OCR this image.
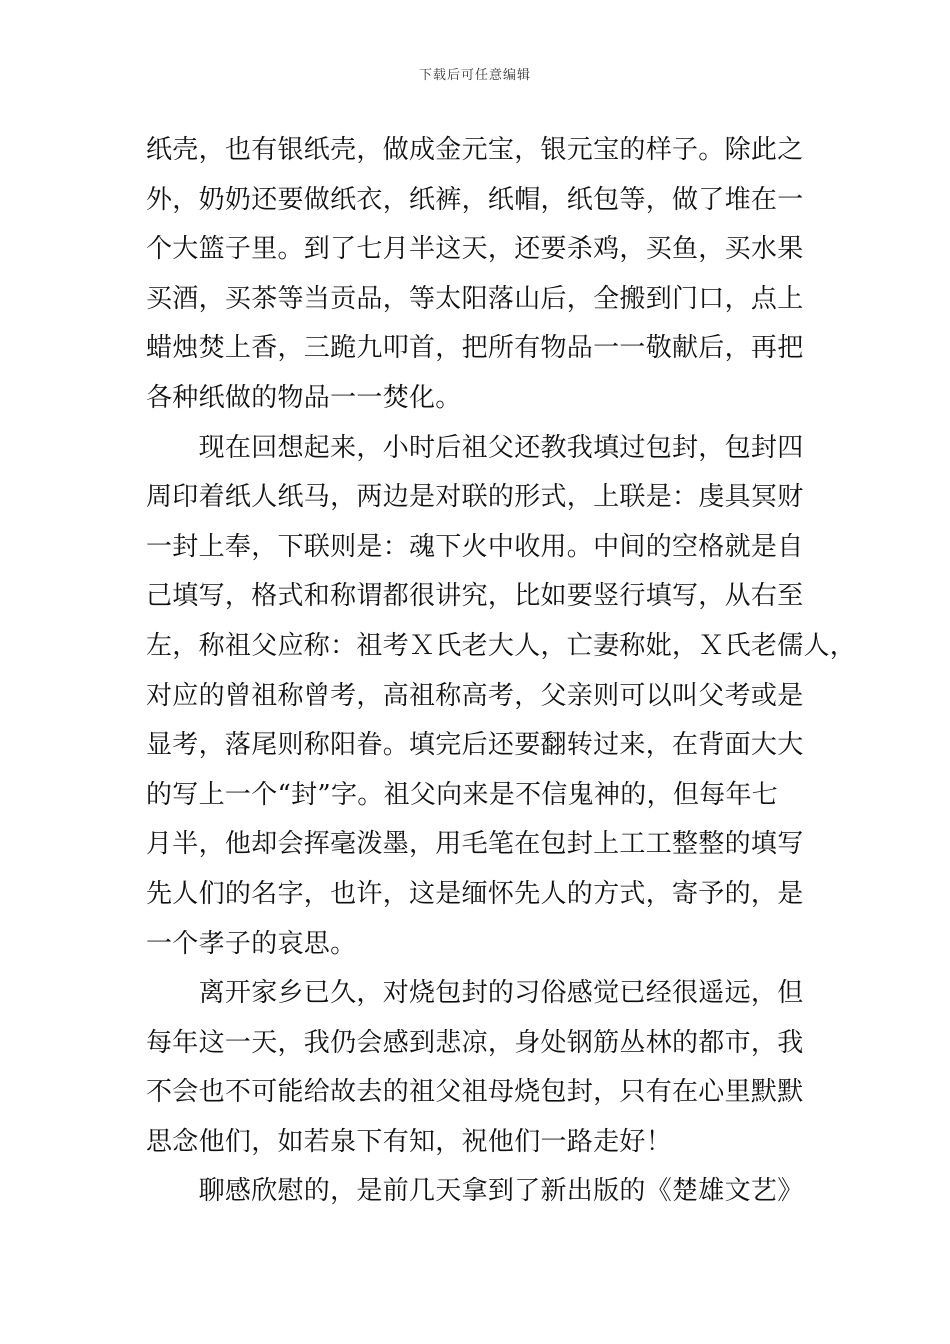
下载后可任意编辑
纸壳，也有银纸壳，做成金元宝，银元宝的样子。除此之
外，奶奶还要做纸衣，纸裤，纸帽，纸包等，做了堆在一
个大篮子里。到了七月半这天，还要杀鸡，买鱼，买水果
买酒，买茶等当贡品，等太阳落山后，全搬到门口，点上
蜡烛焚上香，三跪九叩首，把所有物品一一敬献后，再把
各种纸做的物品一一焚化。
　　现在回想起来，小时后祖父还教我填过包封，包封四
周印着纸人纸马，两边是对联的形式，上联是：虔具冥财
一封上奉，下联则是：魂下火中收用。中间的空格就是自
己填写，格式和称谓都很讲究，比如要竖行填写，从右至
左，称祖父应称：祖考Ｘ氏老大人，亡妻称妣，Ｘ氏老儒人，
对应的曾祖称曾考，高祖称高考，父亲则可以叫父考或是
显考，落尾则称阳眷。填完后还要翻转过来，在背面大大
的写上一个“封”字。祖父向来是不信鬼神的，但每年七
月半，他却会挥毫泼墨，用毛笔在包封上工工整整的填写
先人们的名字，也许，这是缅怀先人的方式，寄予的，是
一个孝子的哀思。
　　离开家乡已久，对烧包封的习俗感觉已经很遥远，但
每年这一天，我仍会感到悲凉，身处钢筋丛林的都市，我
不会也不可能给故去的祖父祖母烧包封，只有在心里默默
思念他们，如若泉下有知，祝他们一路走好！
　　聊感欣慰的，是前几天拿到了新出版的《楚雄文艺》
